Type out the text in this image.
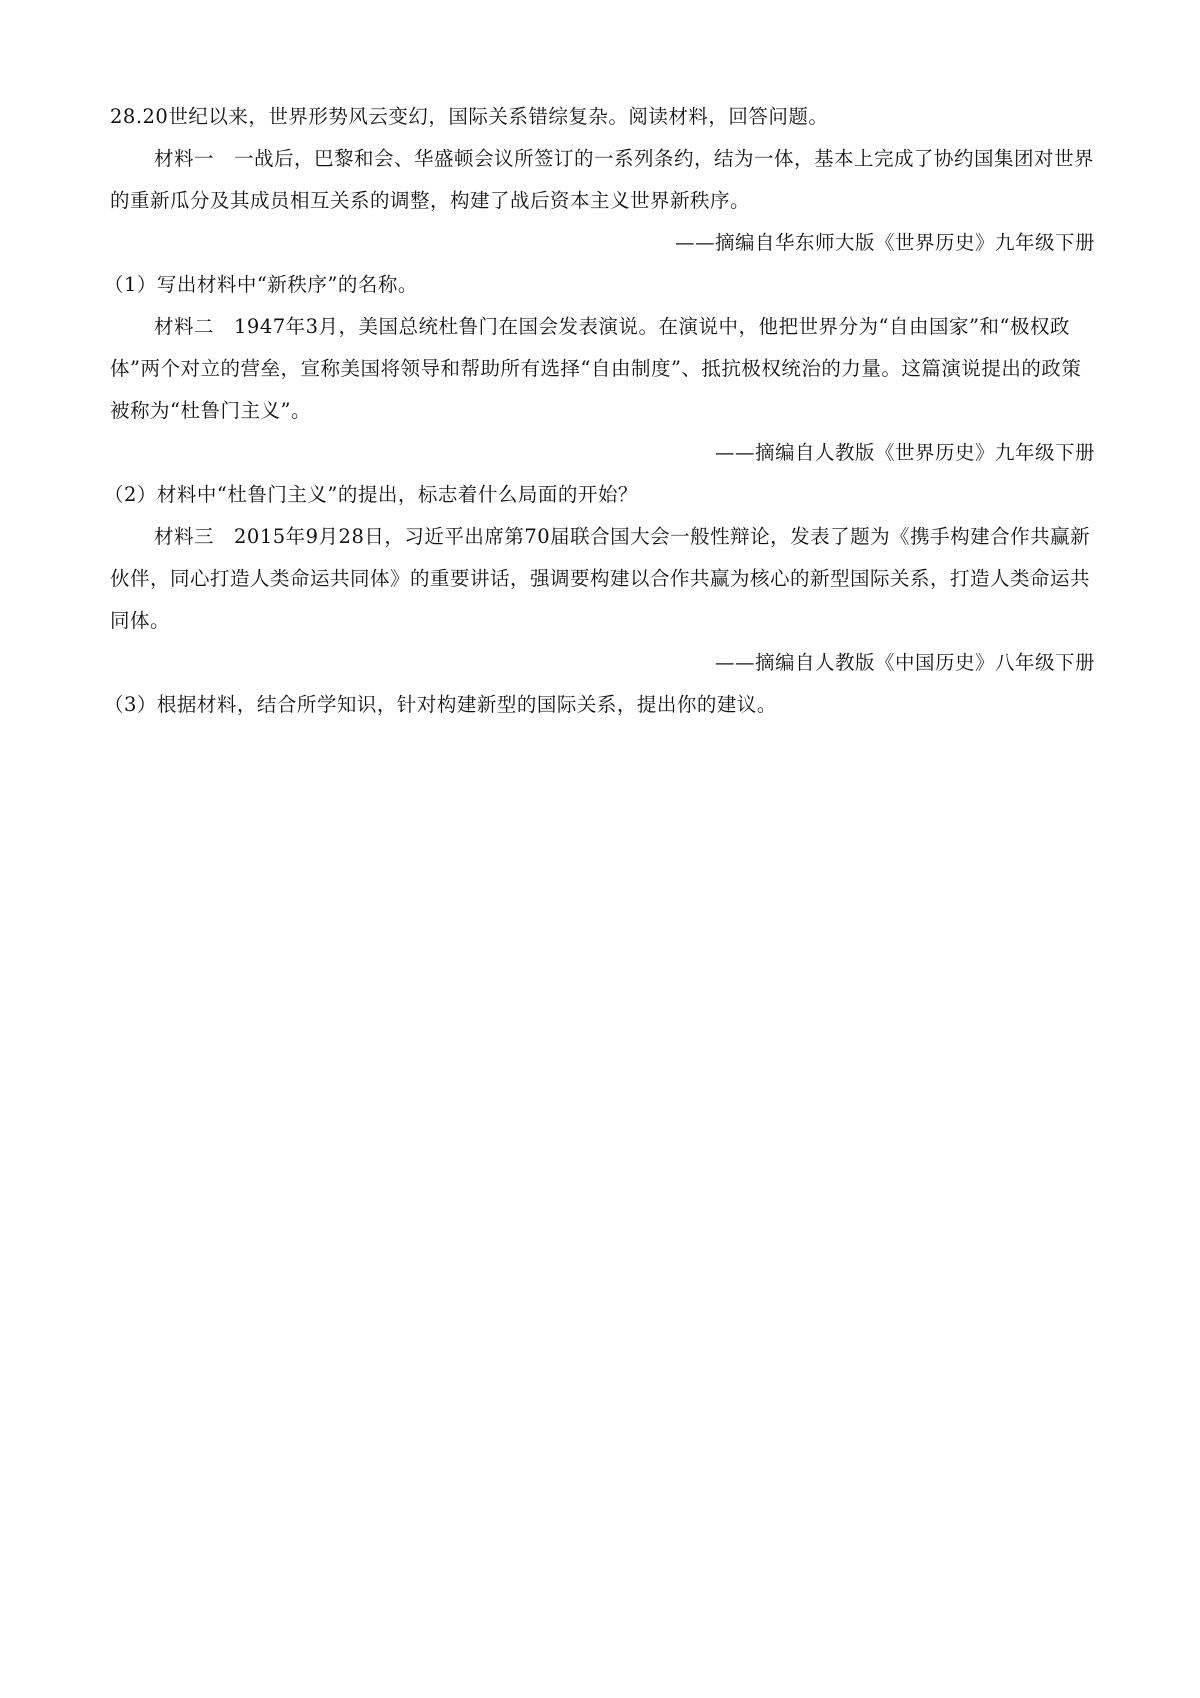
28.20世纪以来，世界形势风云变幻，国际关系错综复杂。阅读材料，回答问题。

材料一　一战后，巴黎和会、华盛顿会议所签订的一系列条约，结为一体，基本上完成了协约国集团对世界的重新瓜分及其成员相互关系的调整，构建了战后资本主义世界新秩序。

——摘编自华东师大版《世界历史》九年级下册

（1）写出材料中“新秩序”的名称。

材料二　1947年3月，美国总统杜鲁门在国会发表演说。在演说中，他把世界分为“自由国家”和“极权政体”两个对立的营垒，宣称美国将领导和帮助所有选择“自由制度”、抵抗极权统治的力量。这篇演说提出的政策被称为“杜鲁门主义”。

——摘编自人教版《世界历史》九年级下册

（2）材料中“杜鲁门主义”的提出，标志着什么局面的开始？

材料三　2015年9月28日，习近平出席第70届联合国大会一般性辩论，发表了题为《携手构建合作共赢新伙伴，同心打造人类命运共同体》的重要讲话，强调要构建以合作共赢为核心的新型国际关系，打造人类命运共同体。

——摘编自人教版《中国历史》八年级下册

（3）根据材料，结合所学知识，针对构建新型的国际关系，提出你的建议。
